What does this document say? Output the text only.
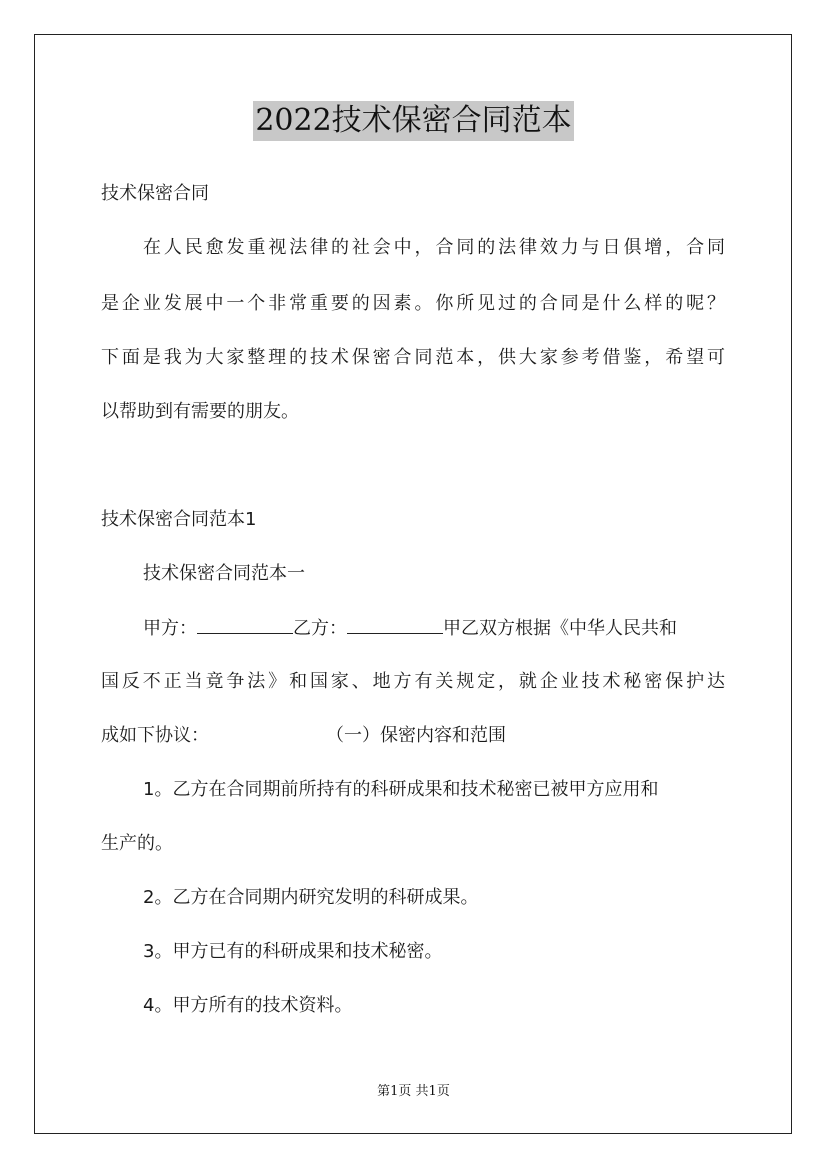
2022技术保密合同范本
技术保密合同
在人民愈发重视法律的社会中，合同的法律效力与日俱增，合同
是企业发展中一个非常重要的因素。你所见过的合同是什么样的呢？
下面是我为大家整理的技术保密合同范本，供大家参考借鉴，希望可
以帮助到有需要的朋友。
技术保密合同范本1
技术保密合同范本一
甲方：	乙方：	甲乙双方根据《中华人民共和
国反不正当竟争法》和国家、地方有关规定，就企业技术秘密保护达
成如下协议：	（一）保密内容和范围
1。乙方在合同期前所持有的科研成果和技术秘密已被甲方应用和
生产的。
2。乙方在合同期内研究发明的科研成果。
3。甲方已有的科研成果和技术秘密。
4。甲方所有的技术资料。
第1页 共1页
